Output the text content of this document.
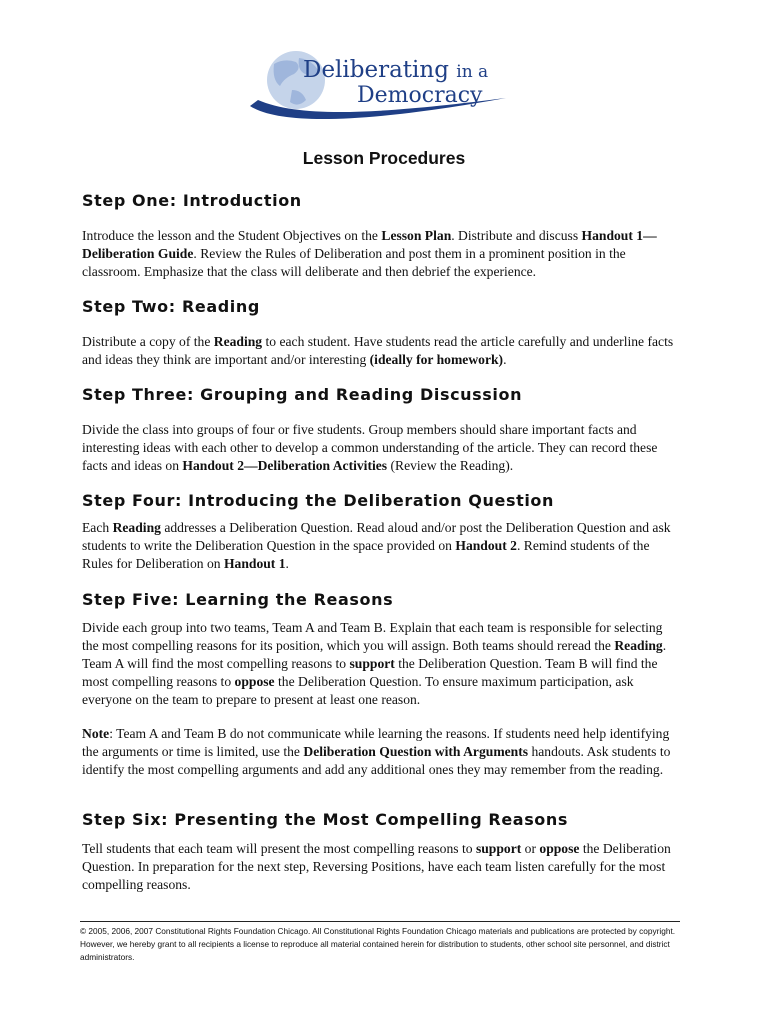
Deliberating in a
Democracy
Lesson Procedures
Step One: Introduction
Introduce the lesson and the Student Objectives on the Lesson Plan. Distribute and discuss Handout 1—Deliberation Guide. Review the Rules of Deliberation and post them in a prominent position in the classroom. Emphasize that the class will deliberate and then debrief the experience.
Step Two: Reading
Distribute a copy of the Reading to each student. Have students read the article carefully and underline facts and ideas they think are important and/or interesting (ideally for homework).
Step Three: Grouping and Reading Discussion
Divide the class into groups of four or five students. Group members should share important facts and interesting ideas with each other to develop a common understanding of the article. They can record these facts and ideas on Handout 2—Deliberation Activities (Review the Reading).
Step Four: Introducing the Deliberation Question
Each Reading addresses a Deliberation Question. Read aloud and/or post the Deliberation Question and ask students to write the Deliberation Question in the space provided on Handout 2. Remind students of the Rules for Deliberation on Handout 1.
Step Five: Learning the Reasons
Divide each group into two teams, Team A and Team B. Explain that each team is responsible for selecting the most compelling reasons for its position, which you will assign. Both teams should reread the Reading. Team A will find the most compelling reasons to support the Deliberation Question. Team B will find the most compelling reasons to oppose the Deliberation Question. To ensure maximum participation, ask everyone on the team to prepare to present at least one reason.
Note: Team A and Team B do not communicate while learning the reasons. If students need help identifying the arguments or time is limited, use the Deliberation Question with Arguments handouts. Ask students to identify the most compelling arguments and add any additional ones they may remember from the reading.
Step Six: Presenting the Most Compelling Reasons
Tell students that each team will present the most compelling reasons to support or oppose the Deliberation Question. In preparation for the next step, Reversing Positions, have each team listen carefully for the most compelling reasons.
© 2005, 2006, 2007 Constitutional Rights Foundation Chicago. All Constitutional Rights Foundation Chicago materials and publications are protected by copyright. However, we hereby grant to all recipients a license to reproduce all material contained herein for distribution to students, other school site personnel, and district administrators.
